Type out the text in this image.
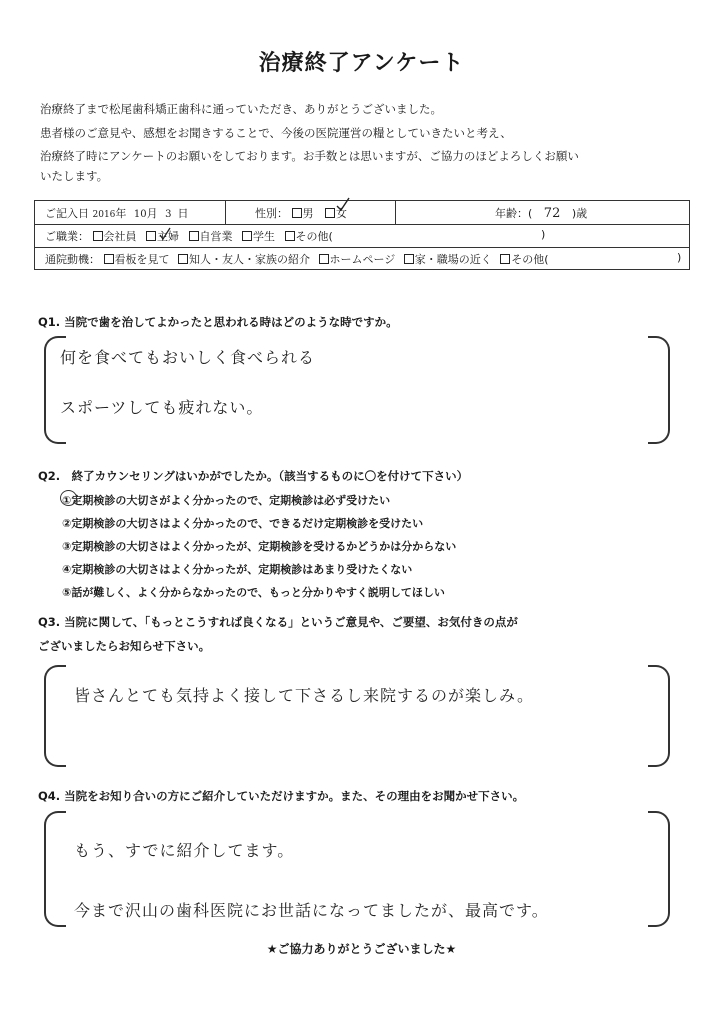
治療終了アンケート
治療終了まで松尾歯科矯正歯科に通っていただき、ありがとうございました。
患者様のご意見や、感想をお聞きすることで、今後の医院運営の糧としていきたいと考え、
治療終了時にアンケートのお願いをしております。お手数とは思いますが、ご協力のほどよろしくお願い
いたします。
ご記入日 2016年 10月 3 日	性別： 男 女	年齢：( 72 )歳
ご職業： 会社員 主婦 自営業 学生 その他(	)
通院動機： 看板を見て 知人・友人・家族の紹介 ホームページ 家・職場の近く その他(	)
Q1. 当院で歯を治してよかったと思われる時はどのような時ですか。
何を食べてもおいしく食べられる
スポーツしても疲れない。
Q2.　終了カウンセリングはいかがでしたか。（該当するものに〇を付けて下さい）
①定期検診の大切さがよく分かったので、定期検診は必ず受けたい
②定期検診の大切さはよく分かったので、できるだけ定期検診を受けたい
③定期検診の大切さはよく分かったが、定期検診を受けるかどうかは分からない
④定期検診の大切さはよく分かったが、定期検診はあまり受けたくない
⑤話が難しく、よく分からなかったので、もっと分かりやすく説明してほしい
Q3. 当院に関して、「もっとこうすれば良くなる」というご意見や、ご要望、お気付きの点が
ございましたらお知らせ下さい。
皆さんとても気持よく接して下さるし来院するのが楽しみ。
Q4. 当院をお知り合いの方にご紹介していただけますか。また、その理由をお聞かせ下さい。
もう、すでに紹介してます。
今まで沢山の歯科医院にお世話になってましたが、最高です。
★ご協力ありがとうございました★
